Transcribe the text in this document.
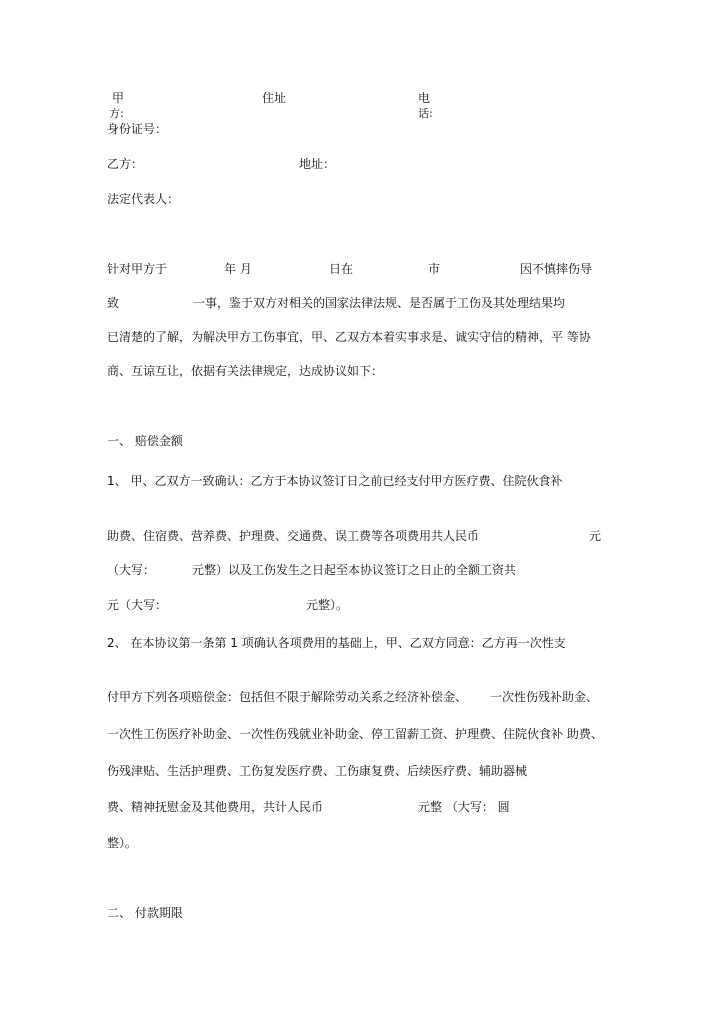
甲
方:
住址	电
话:
身份证号：
乙方：	地址：
法定代表人：
针对甲方于	年 月	日在	市	因不慎摔伤导
致	一事，鉴于双方对相关的国家法律法规、是否属于工伤及其处理结果均
已清楚的了解，为解决甲方工伤事宜，甲、乙双方本着实事求是、诚实守信的精神，平 等协
商、互谅互让，依据有关法律规定，达成协议如下：
一、 赔偿金额
1、 甲、乙双方一致确认：乙方于本协议签订日之前已经支付甲方医疗费、住院伙食补
助费、住宿费、营养费、护理费、交通费、误工费等各项费用共人民币	元
（大写：	元整）以及工伤发生之日起至本协议签订之日止的全额工资共
元（大写：	元整）。
2、 在本协议第一条第 1 项确认各项费用的基础上，甲、乙双方同意：乙方再一次性支
付甲方下列各项赔偿金：包括但不限于解除劳动关系之经济补偿金、 一次性伤残补助金、
一次性工伤医疗补助金、一次性伤残就业补助金、停工留薪工资、护理费、住院伙食补 助费、
伤残津贴、生活护理费、工伤复发医疗费、工伤康复费、后续医疗费、辅助器械
费、精神抚慰金及其他费用，共计人民币	元整 （大写： 圆
整）。
二、 付款期限
